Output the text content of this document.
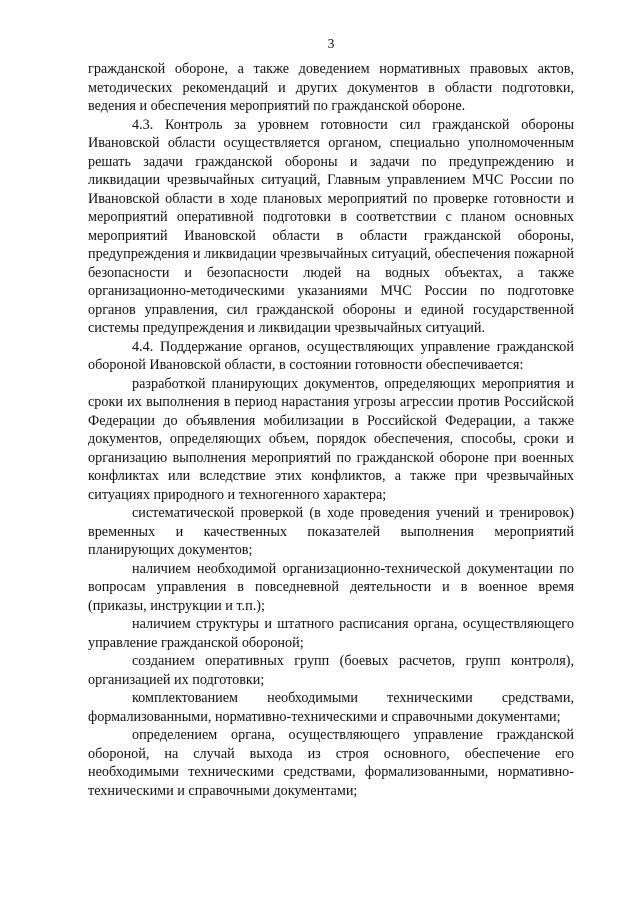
3

гражданской обороне, а также доведением нормативных правовых актов, методических рекомендаций и других документов в области подготовки, ведения и обеспечения мероприятий по гражданской обороне.

4.3. Контроль за уровнем готовности сил гражданской обороны Ивановской области осуществляется органом, специально уполномоченным решать задачи гражданской обороны и задачи по предупреждению и ликвидации чрезвычайных ситуаций, Главным управлением МЧС России по Ивановской области в ходе плановых мероприятий по проверке готовности и мероприятий оперативной подготовки в соответствии с планом основных мероприятий Ивановской области в области гражданской обороны, предупреждения и ликвидации чрезвычайных ситуаций, обеспечения пожарной безопасности и безопасности людей на водных объектах, а также организационно-методическими указаниями МЧС России по подготовке органов управления, сил гражданской обороны и единой государственной системы предупреждения и ликвидации чрезвычайных ситуаций.

4.4. Поддержание органов, осуществляющих управление гражданской обороной Ивановской области, в состоянии готовности обеспечивается:

разработкой планирующих документов, определяющих мероприятия и сроки их выполнения в период нарастания угрозы агрессии против Российской Федерации до объявления мобилизации в Российской Федерации, а также документов, определяющих объем, порядок обеспечения, способы, сроки и организацию выполнения мероприятий по гражданской обороне при военных конфликтах или вследствие этих конфликтов, а также при чрезвычайных ситуациях природного и техногенного характера;

систематической проверкой (в ходе проведения учений и тренировок) временных и качественных показателей выполнения мероприятий планирующих документов;

наличием необходимой организационно-технической документации по вопросам управления в повседневной деятельности и в военное время (приказы, инструкции и т.п.);

наличием структуры и штатного расписания органа, осуществляющего управление гражданской обороной;

созданием оперативных групп (боевых расчетов, групп контроля), организацией их подготовки;

комплектованием необходимыми техническими средствами, формализованными, нормативно-техническими и справочными документами;

определением органа, осуществляющего управление гражданской обороной, на случай выхода из строя основного, обеспечение его необходимыми техническими средствами, формализованными, нормативно-техническими и справочными документами;
